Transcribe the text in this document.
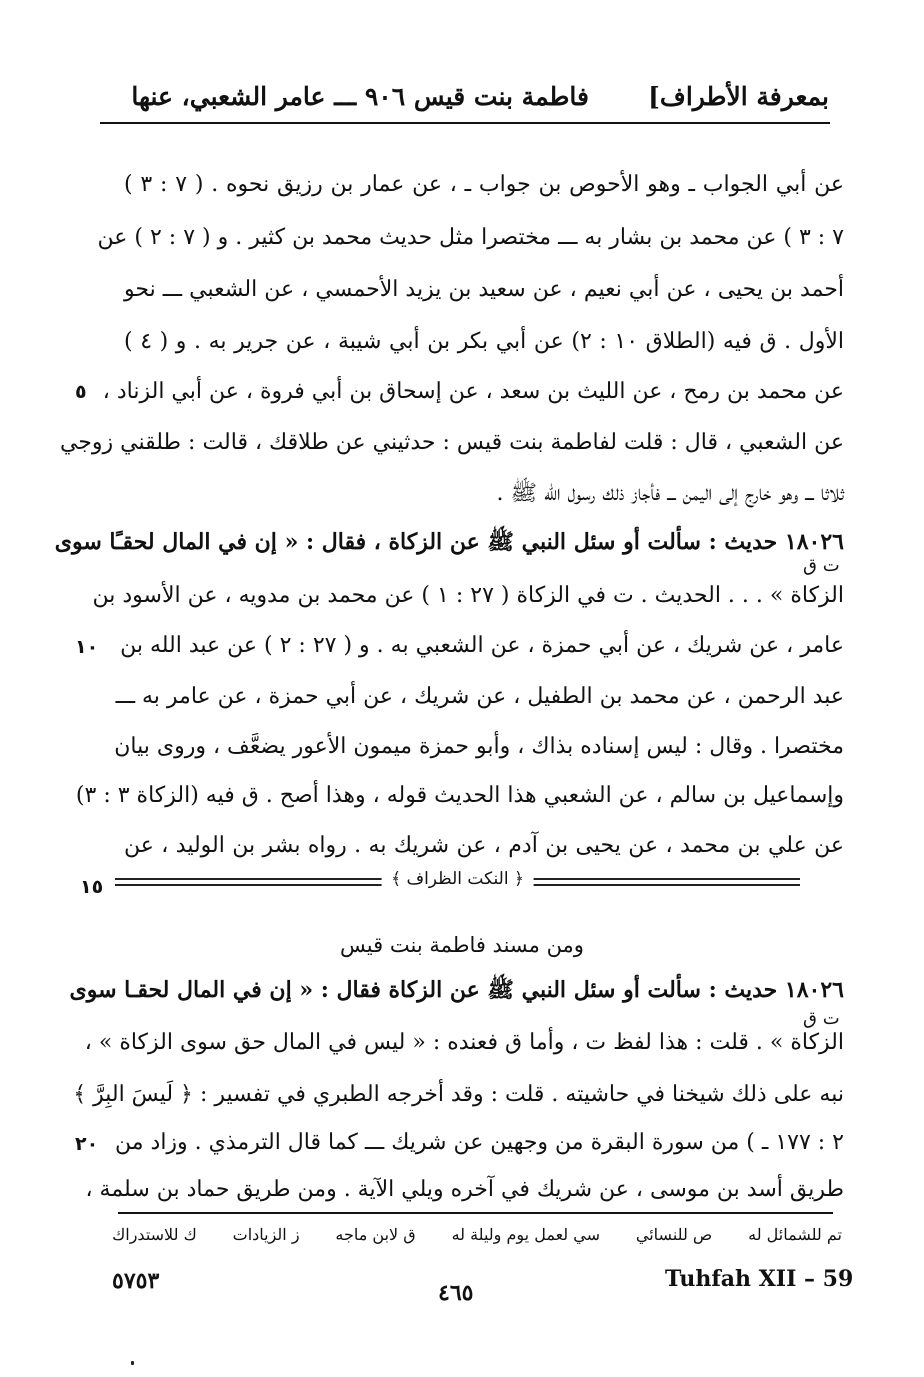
بمعرفة الأطراف]
فاطمة بنت قيس ٩٠٦ ـــ عامر الشعبي، عنها
عن أبي الجواب ـ وهو الأحوص بن جواب ـ ، عن عمار بن رزيق نحوه . ( ٧ : ٣ )
٧ : ٣ ) عن محمد بن بشار به ـــ مختصرا مثل حديث محمد بن كثير . و ( ٧ : ٢ ) عن
أحمد بن يحيى ، عن أبي نعيم ، عن سعيد بن يزيد الأحمسي ، عن الشعبي ـــ نحو
الأول . ق فيه (الطلاق ١٠ : ٢) عن أبي بكر بن أبي شيبة ، عن جرير به . و ( ٤ )
عن محمد بن رمح ، عن الليث بن سعد ، عن إسحاق بن أبي فروة ، عن أبي الزناد ،
عن الشعبي ، قال : قلت لفاطمة بنت قيس : حدثيني عن طلاقك ، قالت : طلقني زوجي
ثلاثا ـــ وهو خارج إلى اليمن ـــ فأجاز ذلك رسول الله ﷺ .
١٨٠٢٦ حديث : سألت أو سئل النبي ﷺ عن الزكاة ، فقال : « إن في المال لحقـًا سوى
الزكاة » . . . الحديث . ت في الزكاة ( ٢٧ : ١ ) عن محمد بن مدويه ، عن الأسود بن
عامر ، عن شريك ، عن أبي حمزة ، عن الشعبي به . و ( ٢٧ : ٢ ) عن عبد الله بن
عبد الرحمن ، عن محمد بن الطفيل ، عن شريك ، عن أبي حمزة ، عن عامر به ـــ
مختصرا . وقال : ليس إسناده بذاك ، وأبو حمزة ميمون الأعور يضعَّف ، وروى بيان
وإسماعيل بن سالم ، عن الشعبي هذا الحديث قوله ، وهذا أصح . ق فيه (الزكاة ٣ : ٣)
عن علي بن محمد ، عن يحيى بن آدم ، عن شريك به . رواه بشر بن الوليد ، عن
٥
١٠
١٥
٢٠
ت ق
ت ق
﴿ النكت الظراف ﴾
ومن مسند فاطمة بنت قيس
١٨٠٢٦ حديث : سألت أو سئل النبي ﷺ عن الزكاة فقال : « إن في المال لحقـا سوى
الزكاة » . قلت : هذا لفظ ت ، وأما ق فعنده : « ليس في المال حق سوى الزكاة » ،
نبه على ذلك شيخنا في حاشيته . قلت : وقد أخرجه الطبري في تفسير : ﴿ لَيسَ البِرَّ ﴾
٢ : ١٧٧ ـ ) من سورة البقرة من وجهين عن شريك ـــ كما قال الترمذي . وزاد من
طريق أسد بن موسى ، عن شريك في آخره ويلي الآية . ومن طريق حماد بن سلمة ،
تم للشمائل له
ص للنسائي
سي لعمل يوم وليلة له
ق لابن ماجه
ز الزيادات
ك للاستدراك
٥٧٥٣	٤٦٥
Tuhfah XII – 59
